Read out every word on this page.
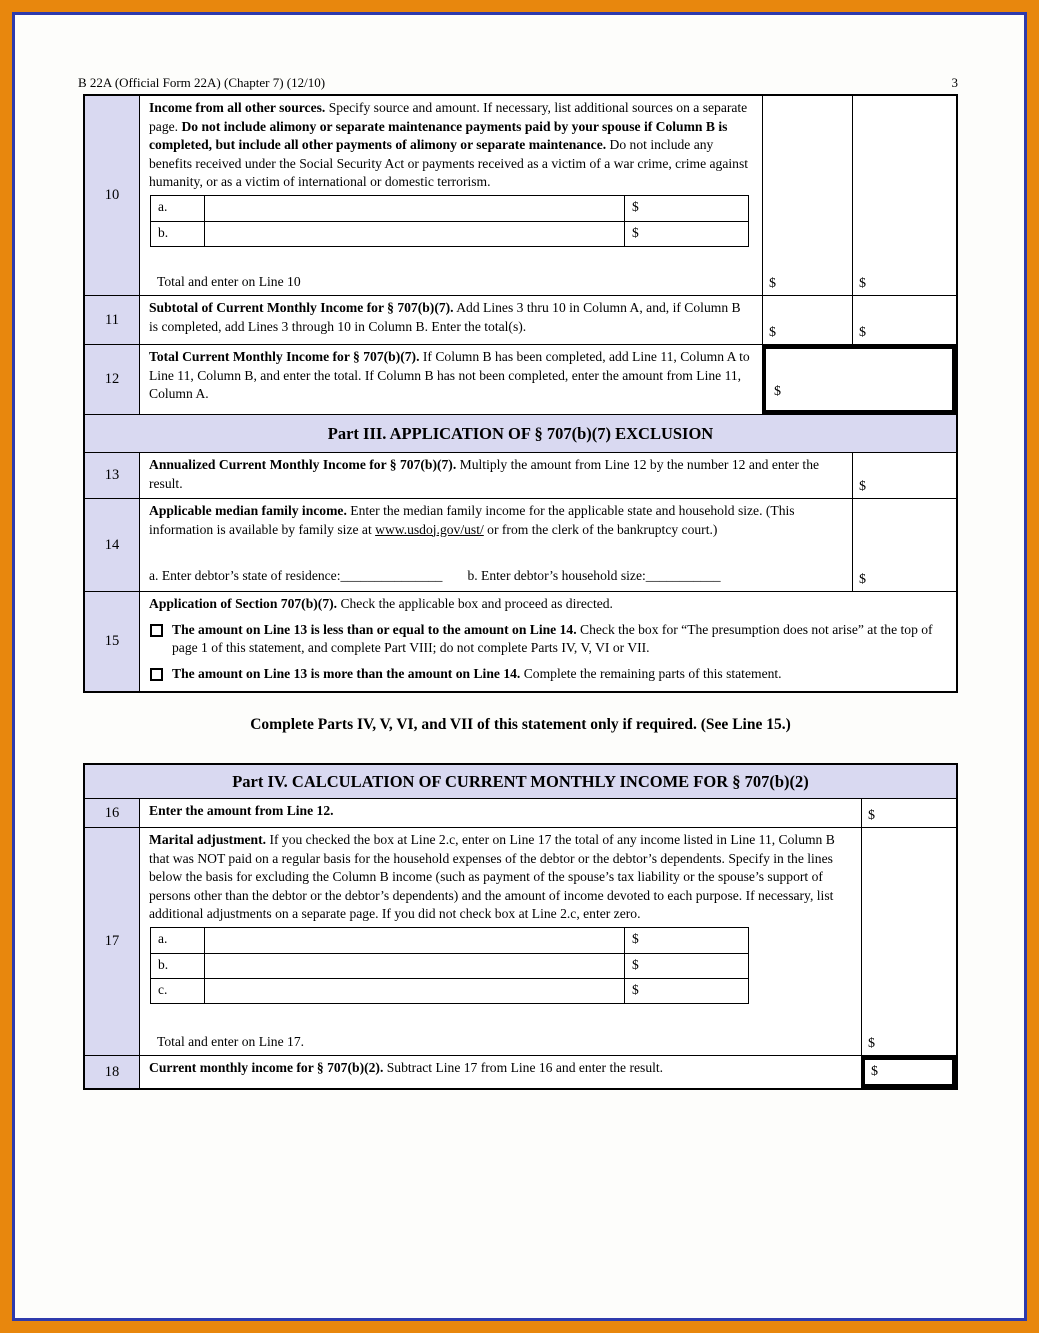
B 22A (Official Form 22A) (Chapter 7) (12/10)	3
10
Income from all other sources. Specify source and amount. If necessary, list additional sources on a separate page. Do not include alimony or separate maintenance payments paid by your spouse if Column B is completed, but include all other payments of alimony or separate maintenance. Do not include any benefits received under the Social Security Act or payments received as a victim of a war crime, crime against humanity, or as a victim of international or domestic terrorism.
a.	$
b.	$
Total and enter on Line 10	$	$
11
Subtotal of Current Monthly Income for § 707(b)(7). Add Lines 3 thru 10 in Column A, and, if Column B is completed, add Lines 3 through 10 in Column B. Enter the total(s).	$	$
12
Total Current Monthly Income for § 707(b)(7). If Column B has been completed, add Line 11, Column A to Line 11, Column B, and enter the total. If Column B has not been completed, enter the amount from Line 11, Column A.	$
Part III. APPLICATION OF § 707(b)(7) EXCLUSION
13
Annualized Current Monthly Income for § 707(b)(7). Multiply the amount from Line 12 by the number 12 and enter the result.	$
14
Applicable median family income. Enter the median family income for the applicable state and household size. (This information is available by family size at www.usdoj.gov/ust/ or from the clerk of the bankruptcy court.)
a. Enter debtor’s state of residence: _______________ b. Enter debtor’s household size: ___________	$
15
Application of Section 707(b)(7). Check the applicable box and proceed as directed.
The amount on Line 13 is less than or equal to the amount on Line 14. Check the box for “The presumption does not arise” at the top of page 1 of this statement, and complete Part VIII; do not complete Parts IV, V, VI or VII.
The amount on Line 13 is more than the amount on Line 14. Complete the remaining parts of this statement.
Complete Parts IV, V, VI, and VII of this statement only if required. (See Line 15.)
Part IV. CALCULATION OF CURRENT MONTHLY INCOME FOR § 707(b)(2)
16	Enter the amount from Line 12.	$
17
Marital adjustment. If you checked the box at Line 2.c, enter on Line 17 the total of any income listed in Line 11, Column B that was NOT paid on a regular basis for the household expenses of the debtor or the debtor’s dependents. Specify in the lines below the basis for excluding the Column B income (such as payment of the spouse’s tax liability or the spouse’s support of persons other than the debtor or the debtor’s dependents) and the amount of income devoted to each purpose. If necessary, list additional adjustments on a separate page. If you did not check box at Line 2.c, enter zero.
a.	$
b.	$
c.	$
Total and enter on Line 17.	$
18	Current monthly income for § 707(b)(2). Subtract Line 17 from Line 16 and enter the result.	$
